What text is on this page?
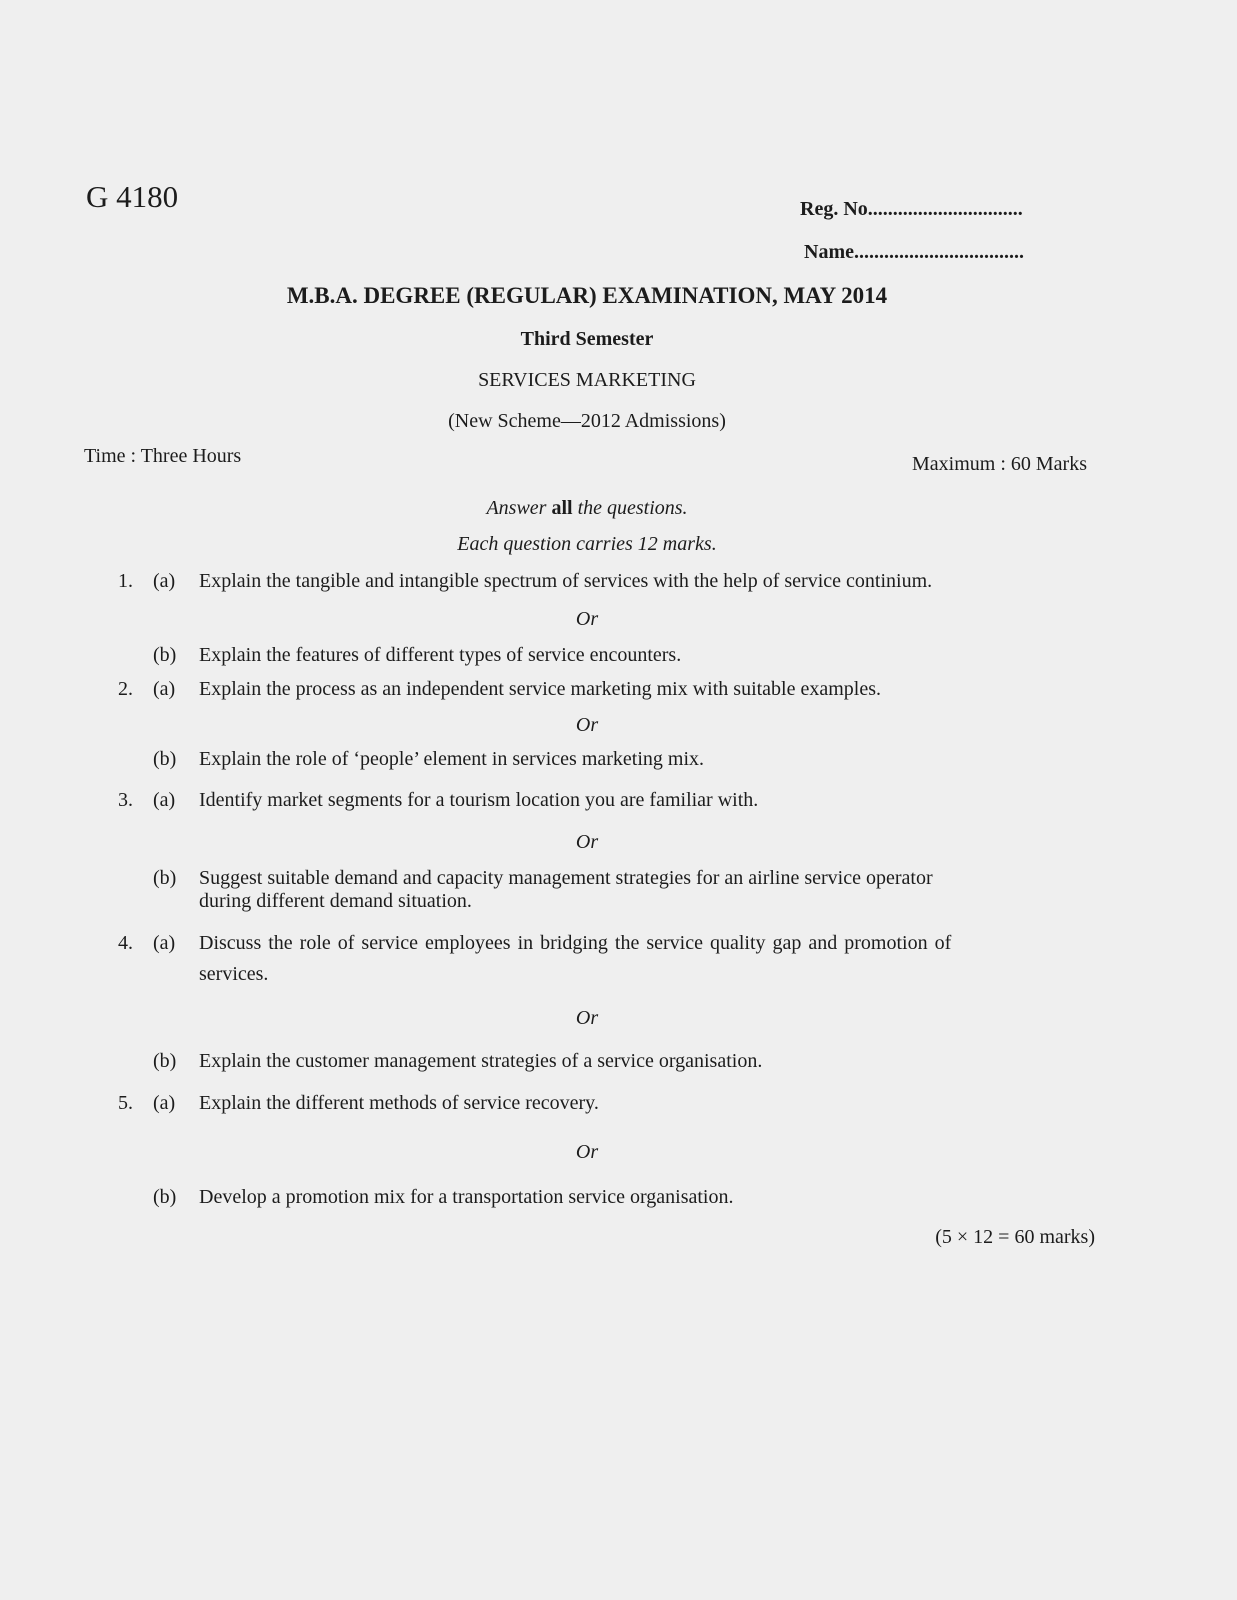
G 4180	Reg. No...............................
Name..................................
M.B.A. DEGREE (REGULAR) EXAMINATION, MAY 2014
Third Semester
SERVICES MARKETING
(New Scheme—2012 Admissions)
Time : Three Hours	Maximum : 60 Marks
Answer all the questions.
Each question carries 12 marks.
1. (a) Explain the tangible and intangible spectrum of services with the help of service continium.
Or
(b) Explain the features of different types of service encounters.
2. (a) Explain the process as an independent service marketing mix with suitable examples.
Or
(b) Explain the role of ‘people’ element in services marketing mix.
3. (a) Identify market segments for a tourism location you are familiar with.
Or
(b) Suggest suitable demand and capacity management strategies for an airline service operator
during different demand situation.
4. (a) Discuss the role of service employees in bridging the service quality gap and promotion of
services.
Or
(b) Explain the customer management strategies of a service organisation.
5. (a) Explain the different methods of service recovery.
Or
(b) Develop a promotion mix for a transportation service organisation.
(5 × 12 = 60 marks)
